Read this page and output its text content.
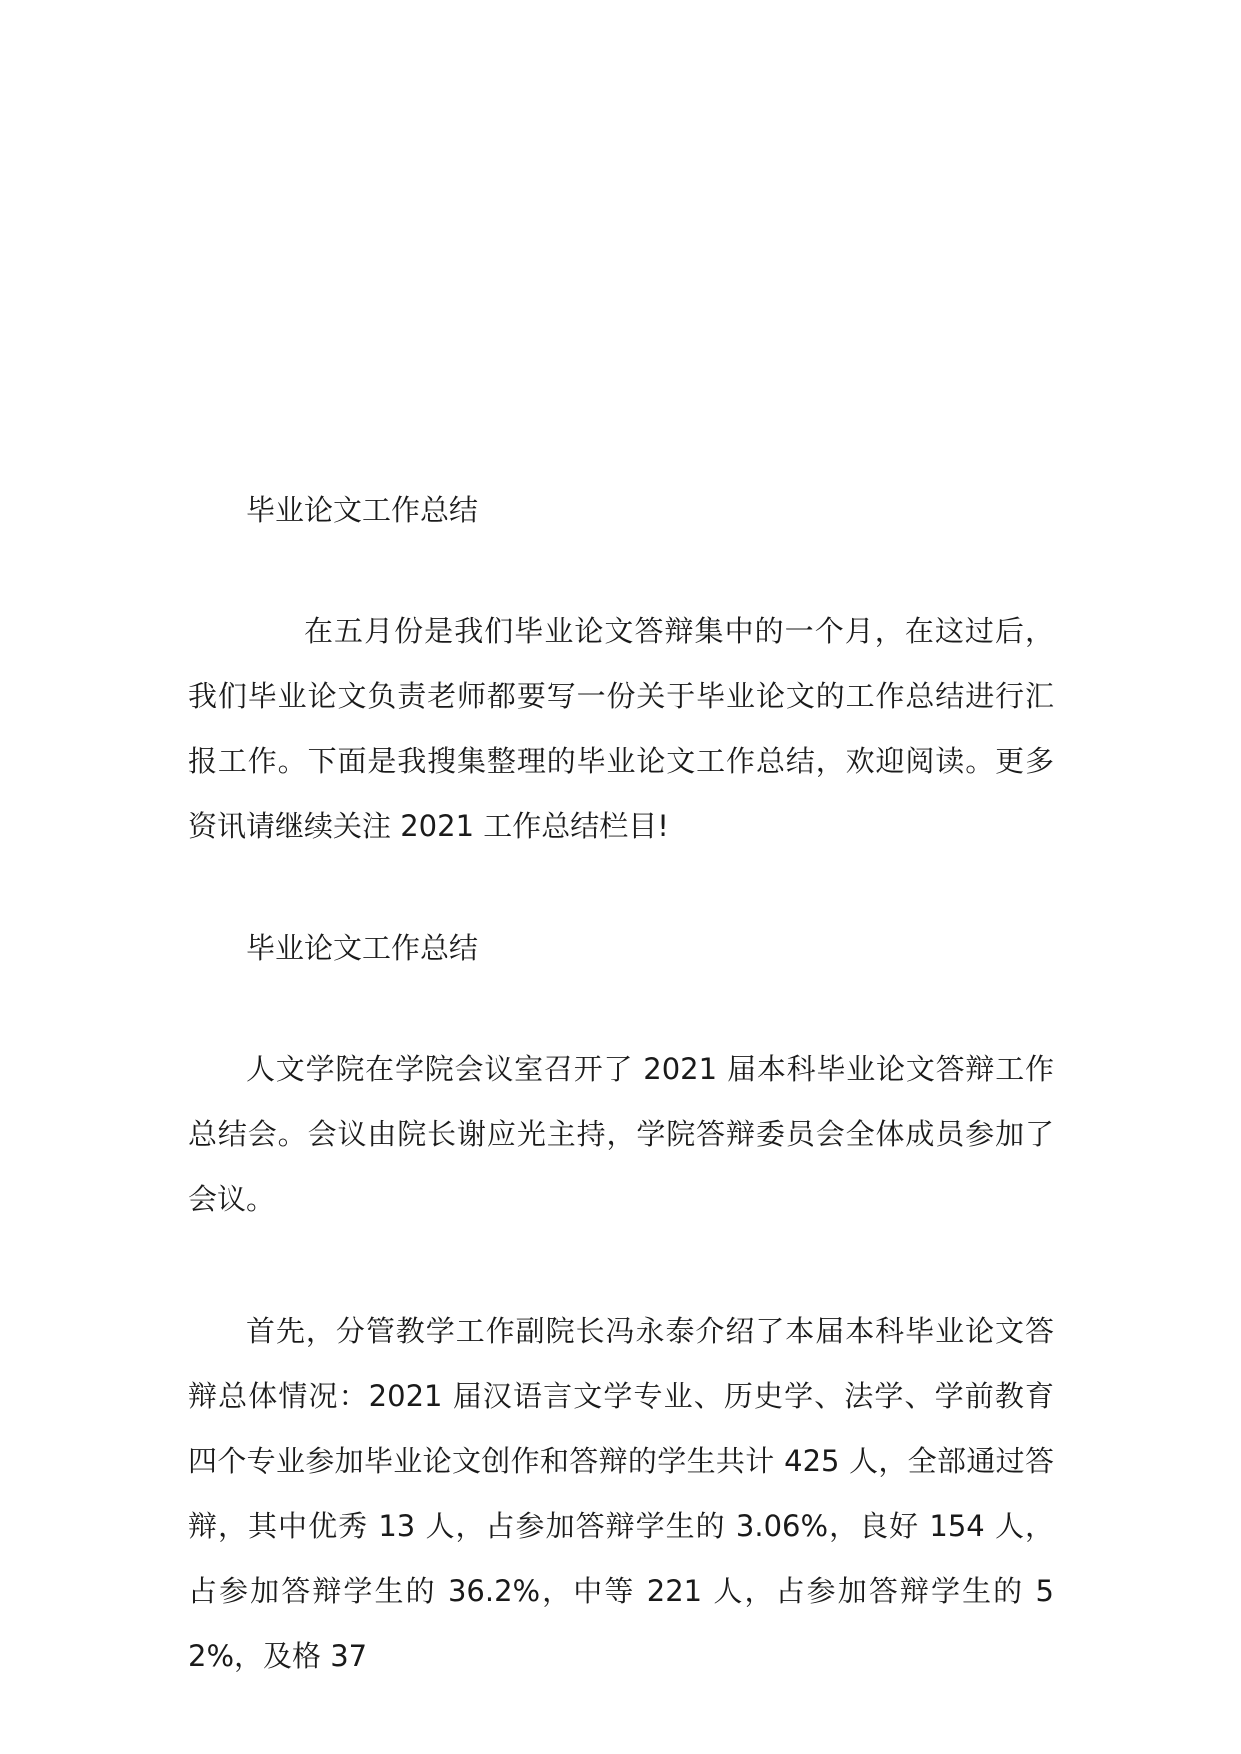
毕业论文工作总结

在五月份是我们毕业论文答辩集中的一个月，在这过后，我们毕业论文负责老师都要写一份关于毕业论文的工作总结进行汇报工作。下面是我搜集整理的毕业论文工作总结，欢迎阅读。更多资讯请继续关注 2021 工作总结栏目!

毕业论文工作总结

人文学院在学院会议室召开了 2021 届本科毕业论文答辩工作总结会。会议由院长谢应光主持，学院答辩委员会全体成员参加了会议。

首先，分管教学工作副院长冯永泰介绍了本届本科毕业论文答辩总体情况：2021 届汉语言文学专业、历史学、法学、学前教育四个专业参加毕业论文创作和答辩的学生共计 425 人，全部通过答辩，其中优秀 13 人，占参加答辩学生的 3.06%，良好 154 人，占参加答辩学生的 36.2%，中等 221 人，占参加答辩学生的 52%，及格 37
